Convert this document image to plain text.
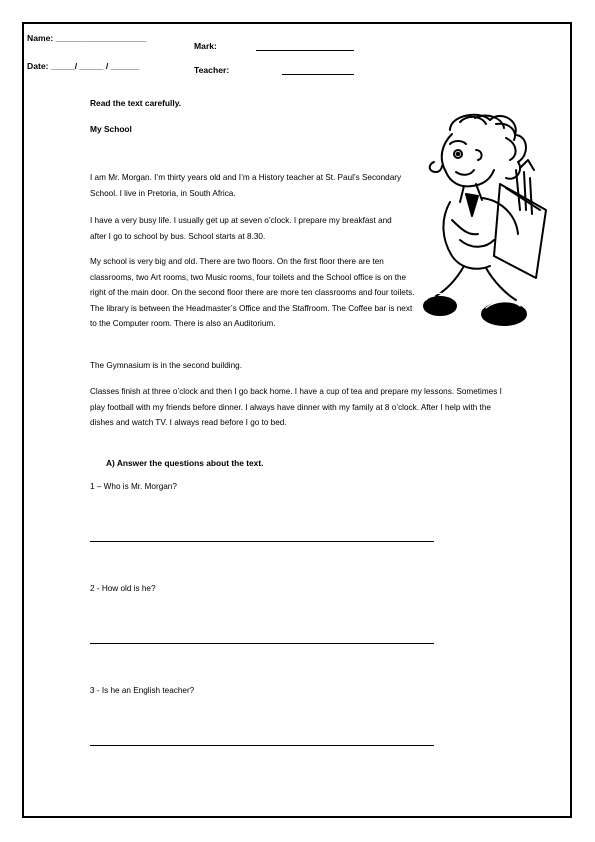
Name: ___________________
Date: _____/ _____ / ______
Mark:
Teacher:
Read the text carefully.
My School
I am Mr. Morgan. I’m thirty years old and I’m a History teacher at St. Paul’s Secondary School. I live in Pretoria, in South Africa.
I have a very busy life. I usually get up at seven o’clock. I prepare my breakfast and after I go to school by bus. School starts at 8.30.
My school is very big and old. There are two floors. On the first floor there are ten classrooms, two Art rooms, two Music rooms, four toilets and the School office is on the right of the main door. On the second floor there are more ten classrooms and four toilets. The library is between the Headmaster’s Office and the Staffroom. The Coffee bar is next to the Computer room. There is also an Auditorium.
The Gymnasium is in the second building.
Classes finish at three o’clock and then I go back home. I have a cup of tea and prepare my lessons. Sometimes I play football with my friends before dinner. I always have dinner with my family at 8 o’clock. After I help with the dishes and watch TV. I always read before I go to bed.
A) Answer the questions about the text.
1 – Who is Mr. Morgan?
2 - How old is he?
3 - Is he an English teacher?
